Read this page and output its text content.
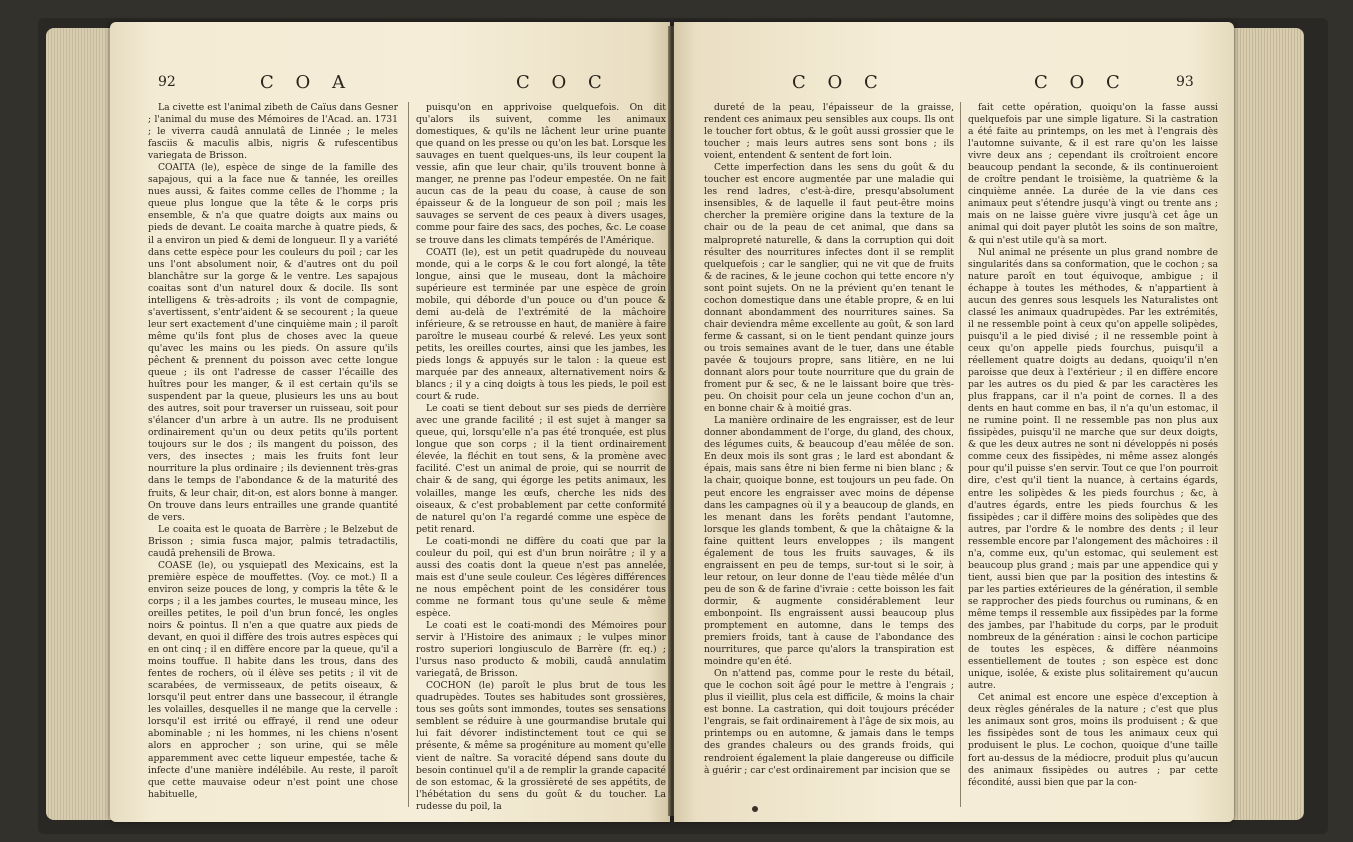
92	C O A	C O C

La civette est l'animal zibeth de Caïus dans Gesner ; l'animal du muse des Mémoires de l'Acad. an. 1731 ; le viverra caudâ annulatâ de Linnée ; le meles fasciis & maculis albis, nigris & rufescentibus variegata de Brisson.

COAITA (le), espèce de singe de la famille des sapajous, qui a la face nue & tannée, les oreilles nues aussi, & faites comme celles de l'homme ; la queue plus longue que la tête & le corps pris ensemble, & n'a que quatre doigts aux mains ou pieds de devant. Le coaita marche à quatre pieds, & il a environ un pied & demi de longueur. Il y a variété dans cette espèce pour les couleurs du poil ; car les uns l'ont absolument noir, & d'autres ont du poil blanchâtre sur la gorge & le ventre. Les sapajous coaitas sont d'un naturel doux & docile. Ils sont intelligens & très-adroits ; ils vont de compagnie, s'avertissent, s'entr'aident & se secourent ; la queue leur sert exactement d'une cinquième main ; il paroît même qu'ils font plus de choses avec la queue qu'avec les mains ou les pieds. On assure qu'ils pêchent & prennent du poisson avec cette longue queue ; ils ont l'adresse de casser l'écaille des huîtres pour les manger, & il est certain qu'ils se suspendent par la queue, plusieurs les uns au bout des autres, soit pour traverser un ruisseau, soit pour s'élancer d'un arbre à un autre. Ils ne produisent ordinairement qu'un ou deux petits qu'ils portent toujours sur le dos ; ils mangent du poisson, des vers, des insectes ; mais les fruits font leur nourriture la plus ordinaire ; ils deviennent très-gras dans le temps de l'abondance & de la maturité des fruits, & leur chair, dit-on, est alors bonne à manger. On trouve dans leurs entrailles une grande quantité de vers.

Le coaita est le quoata de Barrère ; le Belzebut de Brisson ; simia fusca major, palmis tetradactilis, caudâ prehensili de Browa.

COASE (le), ou ysquiepatl des Mexicains, est la première espèce de mouffettes. (Voy. ce mot.) Il a environ seize pouces de long, y compris la tête & le corps ; il a les jambes courtes, le museau mince, les oreilles petites, le poil d'un brun foncé, les ongles noirs & pointus. Il n'en a que quatre aux pieds de devant, en quoi il diffère des trois autres espèces qui en ont cinq ; il en diffère encore par la queue, qu'il a moins touffue. Il habite dans les trous, dans des fentes de rochers, où il élève ses petits ; il vit de scarabées, de vermisseaux, de petits oiseaux, & lorsqu'il peut entrer dans une bassecour, il étrangle les volailles, desquelles il ne mange que la cervelle : lorsqu'il est irrité ou effrayé, il rend une odeur abominable ; ni les hommes, ni les chiens n'osent alors en approcher ; son urine, qui se mêle apparemment avec cette liqueur empestée, tache & infecte d'une manière indélébile. Au reste, il paroît que cette mauvaise odeur n'est point une chose habituelle,

puisqu'on en apprivoise quelquefois. On dit qu'alors ils suivent, comme les animaux domestiques, & qu'ils ne lâchent leur urine puante que quand on les presse ou qu'on les bat. Lorsque les sauvages en tuent quelques-uns, ils leur coupent la vessie, afin que leur chair, qu'ils trouvent bonne à manger, ne prenne pas l'odeur empestée. On ne fait aucun cas de la peau du coase, à cause de son épaisseur & de la longueur de son poil ; mais les sauvages se servent de ces peaux à divers usages, comme pour faire des sacs, des poches, &c. Le coase se trouve dans les climats tempérés de l'Amérique.

COATI (le), est un petit quadrupède du nouveau monde, qui a le corps & le cou fort alongé, la tête longue, ainsi que le museau, dont la mâchoire supérieure est terminée par une espèce de groin mobile, qui déborde d'un pouce ou d'un pouce & demi au-delà de l'extrémité de la mâchoire inférieure, & se retrousse en haut, de manière à faire paroître le museau courbé & relevé. Les yeux sont petits, les oreilles courtes, ainsi que les jambes, les pieds longs & appuyés sur le talon : la queue est marquée par des anneaux, alternativement noirs & blancs ; il y a cinq doigts à tous les pieds, le poil est court & rude.

Le coati se tient debout sur ses pieds de derrière avec une grande facilité ; il est sujet à manger sa queue, qui, lorsqu'elle n'a pas été tronquée, est plus longue que son corps ; il la tient ordinairement élevée, la fléchit en tout sens, & la promène avec facilité. C'est un animal de proie, qui se nourrit de chair & de sang, qui égorge les petits animaux, les volailles, mange les œufs, cherche les nids des oiseaux, & c'est probablement par cette conformité de naturel qu'on l'a regardé comme une espèce de petit renard.

Le coati-mondi ne diffère du coati que par la couleur du poil, qui est d'un brun noirâtre ; il y a aussi des coatis dont la queue n'est pas annelée, mais est d'une seule couleur. Ces légères différences ne nous empêchent point de les considérer tous comme ne formant tous qu'une seule & même espèce.

Le coati est le coati-mondi des Mémoires pour servir à l'Histoire des animaux ; le vulpes minor rostro superiori longiusculo de Barrère (fr. eq.) ; l'ursus naso producto & mobili, caudâ annulatim variegatâ, de Brisson.

COCHON (le) paroît le plus brut de tous les quadrupèdes. Toutes ses habitudes sont grossières, tous ses goûts sont immondes, toutes ses sensations semblent se réduire à une gourmandise brutale qui lui fait dévorer indistinctement tout ce qui se présente, & même sa progéniture au moment qu'elle vient de naître. Sa voracité dépend sans doute du besoin continuel qu'il a de remplir la grande capacité de son estomac, & la grossièreté de ses appétits, de l'hébétation du sens du goût & du toucher. La rudesse du poil, la

C O C	C O C	93

dureté de la peau, l'épaisseur de la graisse, rendent ces animaux peu sensibles aux coups. Ils ont le toucher fort obtus, & le goût aussi grossier que le toucher ; mais leurs autres sens sont bons ; ils voient, entendent & sentent de fort loin.

Cette imperfection dans les sens du goût & du toucher est encore augmentée par une maladie qui les rend ladres, c'est-à-dire, presqu'absolument insensibles, & de laquelle il faut peut-être moins chercher la première origine dans la texture de la chair ou de la peau de cet animal, que dans sa malpropreté naturelle, & dans la corruption qui doit résulter des nourritures infectes dont il se remplit quelquefois ; car le sanglier, qui ne vit que de fruits & de racines, & le jeune cochon qui tette encore n'y sont point sujets. On ne la prévient qu'en tenant le cochon domestique dans une étable propre, & en lui donnant abondamment des nourritures saines. Sa chair deviendra même excellente au goût, & son lard ferme & cassant, si on le tient pendant quinze jours ou trois semaines avant de le tuer, dans une étable pavée & toujours propre, sans litière, en ne lui donnant alors pour toute nourriture que du grain de froment pur & sec, & ne le laissant boire que très-peu. On choisit pour cela un jeune cochon d'un an, en bonne chair & à moitié gras.

La manière ordinaire de les engraisser, est de leur donner abondamment de l'orge, du gland, des choux, des légumes cuits, & beaucoup d'eau mêlée de son. En deux mois ils sont gras ; le lard est abondant & épais, mais sans être ni bien ferme ni bien blanc ; & la chair, quoique bonne, est toujours un peu fade. On peut encore les engraisser avec moins de dépense dans les campagnes où il y a beaucoup de glands, en les menant dans les forêts pendant l'automne, lorsque les glands tombent, & que la châtaigne & la faine quittent leurs enveloppes ; ils mangent également de tous les fruits sauvages, & ils engraissent en peu de temps, sur-tout si le soir, à leur retour, on leur donne de l'eau tiède mêlée d'un peu de son & de farine d'ivraie : cette boisson les fait dormir, & augmente considérablement leur embonpoint. Ils engraissent aussi beaucoup plus promptement en automne, dans le temps des premiers froids, tant à cause de l'abondance des nourritures, que parce qu'alors la transpiration est moindre qu'en été.

On n'attend pas, comme pour le reste du bétail, que le cochon soit âgé pour le mettre à l'engrais ; plus il vieillit, plus cela est difficile, & moins la chair est bonne. La castration, qui doit toujours précéder l'engrais, se fait ordinairement à l'âge de six mois, au printemps ou en automne, & jamais dans le temps des grandes chaleurs ou des grands froids, qui rendroient également la plaie dangereuse ou difficile à guérir ; car c'est ordinairement par incision que se

fait cette opération, quoiqu'on la fasse aussi quelquefois par une simple ligature. Si la castration a été faite au printemps, on les met à l'engrais dès l'automne suivante, & il est rare qu'on les laisse vivre deux ans ; cependant ils croîtroient encore beaucoup pendant la seconde, & ils continueroient de croître pendant le troisième, la quatrième & la cinquième année. La durée de la vie dans ces animaux peut s'étendre jusqu'à vingt ou trente ans ; mais on ne laisse guère vivre jusqu'à cet âge un animal qui doit payer plutôt les soins de son maître, & qui n'est utile qu'à sa mort.

Nul animal ne présente un plus grand nombre de singularités dans sa conformation, que le cochon ; sa nature paroît en tout équivoque, ambigue ; il échappe à toutes les méthodes, & n'appartient à aucun des genres sous lesquels les Naturalistes ont classé les animaux quadrupèdes. Par les extrémités, il ne ressemble point à ceux qu'on appelle solipèdes, puisqu'il a le pied divisé ; il ne ressemble point à ceux qu'on appelle pieds fourchus, puisqu'il a réellement quatre doigts au dedans, quoiqu'il n'en paroisse que deux à l'extérieur ; il en diffère encore par les autres os du pied & par les caractères les plus frappans, car il n'a point de cornes. Il a des dents en haut comme en bas, il n'a qu'un estomac, il ne rumine point. Il ne ressemble pas non plus aux fissipèdes, puisqu'il ne marche que sur deux doigts, & que les deux autres ne sont ni développés ni posés comme ceux des fissipèdes, ni même assez alongés pour qu'il puisse s'en servir. Tout ce que l'on pourroit dire, c'est qu'il tient la nuance, à certains égards, entre les solipèdes & les pieds fourchus ; &c, à d'autres égards, entre les pieds fourchus & les fissipèdes ; car il diffère moins des solipèdes que des autres, par l'ordre & le nombre des dents ; il leur ressemble encore par l'alongement des mâchoires : il n'a, comme eux, qu'un estomac, qui seulement est beaucoup plus grand ; mais par une appendice qui y tient, aussi bien que par la position des intestins & par les parties extérieures de la génération, il semble se rapprocher des pieds fourchus ou ruminans, & en même temps il ressemble aux fissipèdes par la forme des jambes, par l'habitude du corps, par le produit nombreux de la génération : ainsi le cochon participe de toutes les espèces, & diffère néanmoins essentiellement de toutes ; son espèce est donc unique, isolée, & existe plus solitairement qu'aucun autre.

Cet animal est encore une espèce d'exception à deux règles générales de la nature ; c'est que plus les animaux sont gros, moins ils produisent ; & que les fissipèdes sont de tous les animaux ceux qui produisent le plus. Le cochon, quoique d'une taille fort au-dessus de la médiocre, produit plus qu'aucun des animaux fissipèdes ou autres ; par cette fécondité, aussi bien que par la con-
